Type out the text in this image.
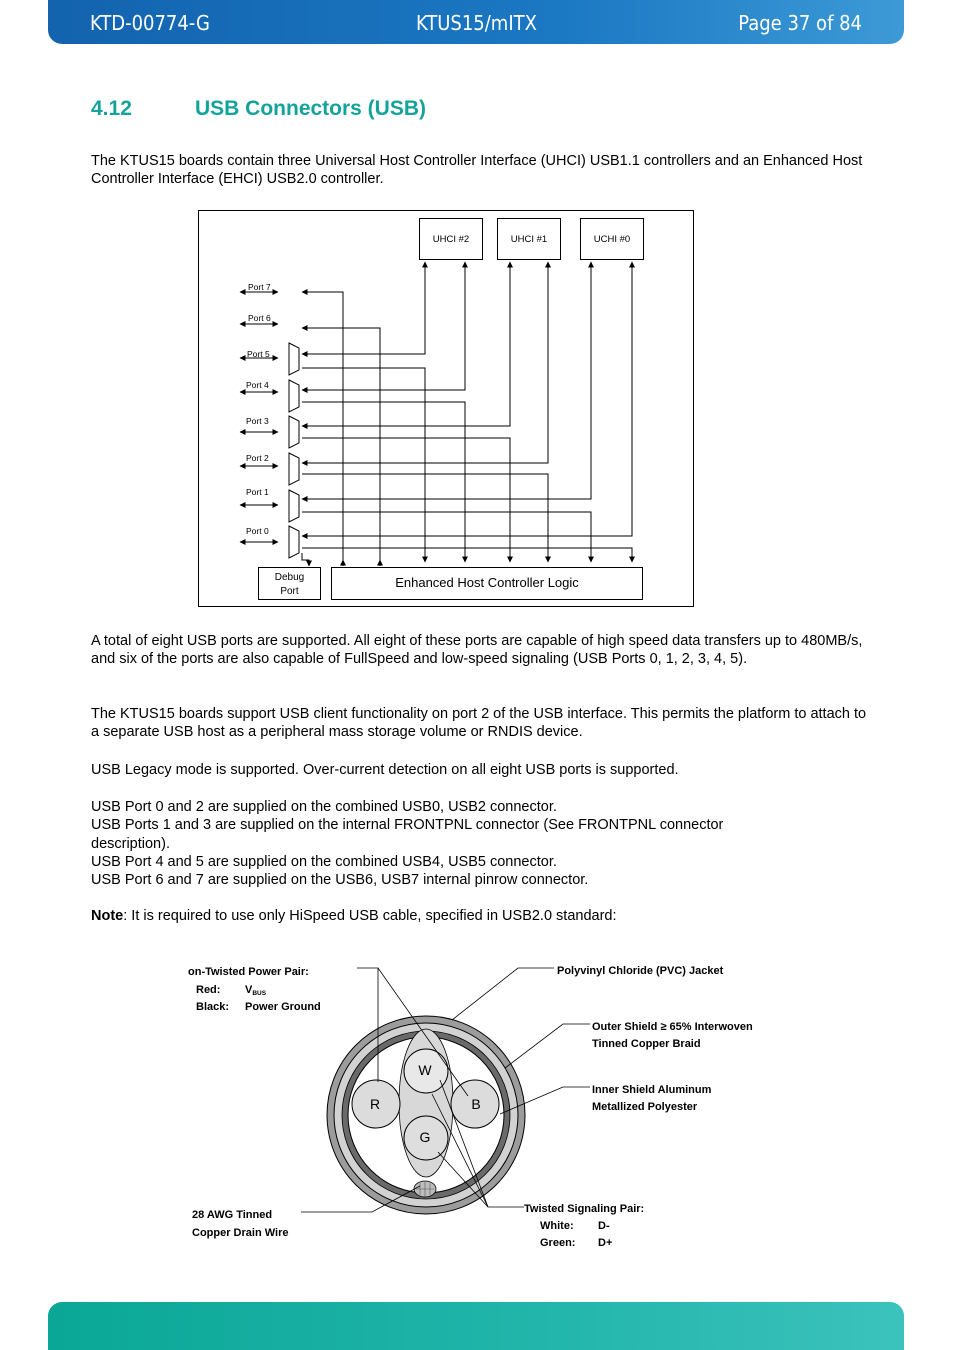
KTD-00774-G	KTUS15/mITX	Page 37 of 84
4.12	USB Connectors (USB)

The KTUS15 boards contain three Universal Host Controller Interface (UHCI) USB1.1 controllers and an Enhanced Host Controller Interface (EHCI) USB2.0 controller.

UHCI #2	UHCI #1	UCHI #0
Port 7
Port 6
Port 5
Port 4
Port 3
Port 2
Port 1
Port 0
Debug
Port
Enhanced Host Controller Logic

A total of eight USB ports are supported. All eight of these ports are capable of high speed data transfers up to 480MB/s, and six of the ports are also capable of FullSpeed and low-speed signaling (USB Ports 0, 1, 2, 3, 4, 5).

The KTUS15 boards support USB client functionality on port 2 of the USB interface. This permits the platform to attach to a separate USB host as a peripheral mass storage volume or RNDIS device.

USB Legacy mode is supported. Over-current detection on all eight USB ports is supported.

USB Port 0 and 2 are supplied on the combined USB0, USB2 connector.
USB Ports 1 and 3 are supplied on the internal FRONTPNL connector (See FRONTPNL connector
description).
USB Port 4 and 5 are supplied on the combined USB4, USB5 connector.
USB Port 6 and 7 are supplied on the USB6, USB7 internal pinrow connector.

Note: It is required to use only HiSpeed USB cable, specified in USB2.0 standard:

W
R	B
G
on-Twisted Power Pair:
Red: VBUS
Black: Power Ground
Polyvinyl Chloride (PVC) Jacket
Outer Shield ≥ 65% Interwoven
Tinned Copper Braid
Inner Shield Aluminum
Metallized Polyester
28 AWG Tinned
Copper Drain Wire
Twisted Signaling Pair:
White: D-
Green: D+
